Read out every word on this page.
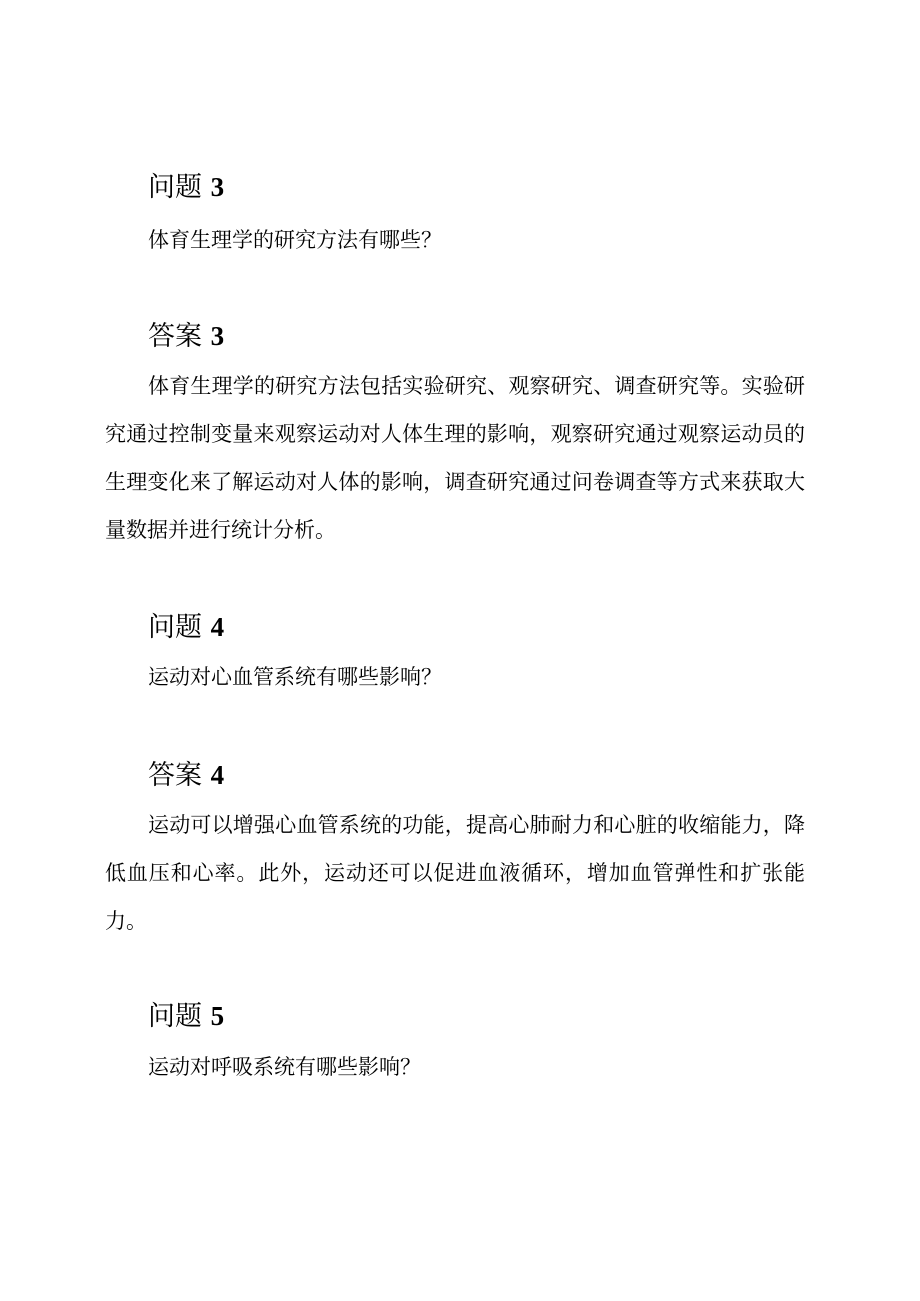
问题 3
体育生理学的研究方法有哪些？
答案 3

体育生理学的研究方法包括实验研究、观察研究、调查研究等。实验研究通过控制变量来观察运动对人体生理的影响，观察研究通过观察运动员的生理变化来了解运动对人体的影响，调查研究通过问卷调查等方式来获取大量数据并进行统计分析。

问题 4
运动对心血管系统有哪些影响？
答案 4

运动可以增强心血管系统的功能，提高心肺耐力和心脏的收缩能力，降低血压和心率。此外，运动还可以促进血液循环，增加血管弹性和扩张能力。

问题 5
运动对呼吸系统有哪些影响？
